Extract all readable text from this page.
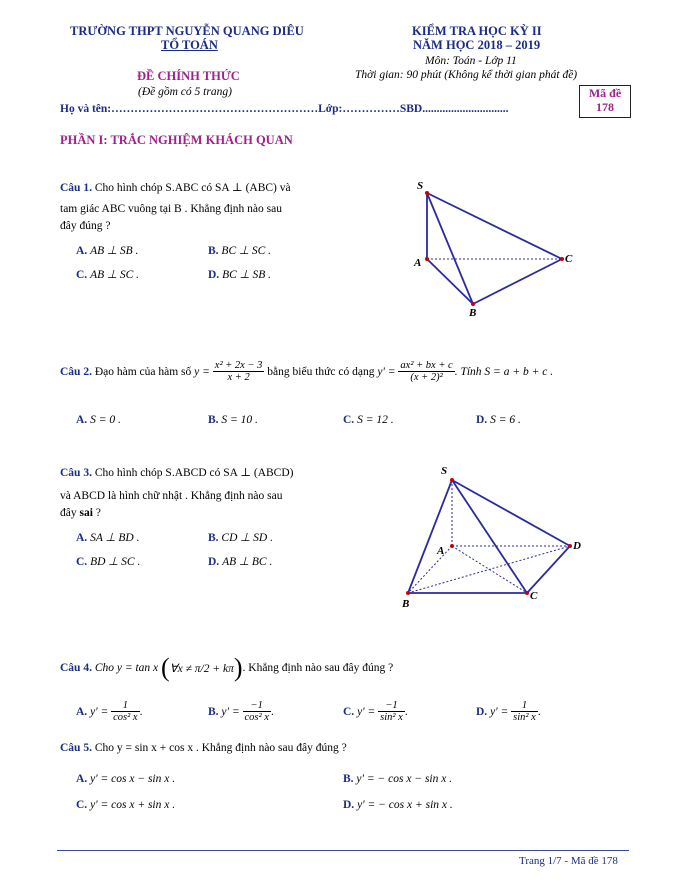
TRƯỜNG THPT NGUYỄN QUANG DIÊU
TỔ TOÁN
KIỂM TRA HỌC KỲ II
NĂM HỌC 2018 – 2019
Môn: Toán - Lớp 11
Thời gian: 90 phút (Không kể thời gian phát đề)
ĐỀ CHÍNH THỨC
(Đề gồm có 5 trang)	Mã đề
178
Họ và tên:………………………………………………Lớp:……………SBD..............................
PHẦN I: TRẮC NGHIỆM KHÁCH QUAN
Câu 1. Cho hình chóp S.ABC có SA ⊥ (ABC) và
tam giác ABC vuông tại B . Khẳng định nào sau
đây đúng ?
A. AB ⊥ SB .	B. BC ⊥ SC .
C. AB ⊥ SC .	D. BC ⊥ SB .
S
A
B
C
Câu 2.
Đạo hàm của hàm số
y =
$\frac{\text{x² + 2x − 3}}{x + 2}$
bằng biểu thức có dạng
y' =
$\frac{\text{ax² + bx + c}}{\text{(x + 2)²}}$ . Tính S = a + b + c .
A. S = 0 .	B. S = 10 .	C. S = 12 .	D. S = 6 .
Câu 3. Cho hình chóp S.ABCD có SA ⊥ (ABCD)
và ABCD là hình chữ nhật . Khẳng định nào sau
đây sai ?
A. SA ⊥ BD .	B. CD ⊥ SD .
C. BD ⊥ SC .	D. AB ⊥ BC .
S
A
B
C
D
Câu 4.
Cho y = tan x
( ∀x ≠ π/2 + kπ ) . Khẳng định nào sau đây đúng ?
A.
y' =
$\frac{1}{\text{cos² x}}$ .	B.
y' =
$\frac{-1}{\text{cos² x}}$ .	C.
y' =
$\frac{-1}{\text{sin² x}}$ .	D.
y' =
$\frac{1}{\text{sin² x}}$ .
Câu 5. Cho y = sin x + cos x . Khẳng định nào sau đây đúng ?
A. y' = cos x − sin x .	B. y' = − cos x − sin x .
C. y' = cos x + sin x .	D. y' = − cos x + sin x .
Trang 1/7 - Mã đề 178
